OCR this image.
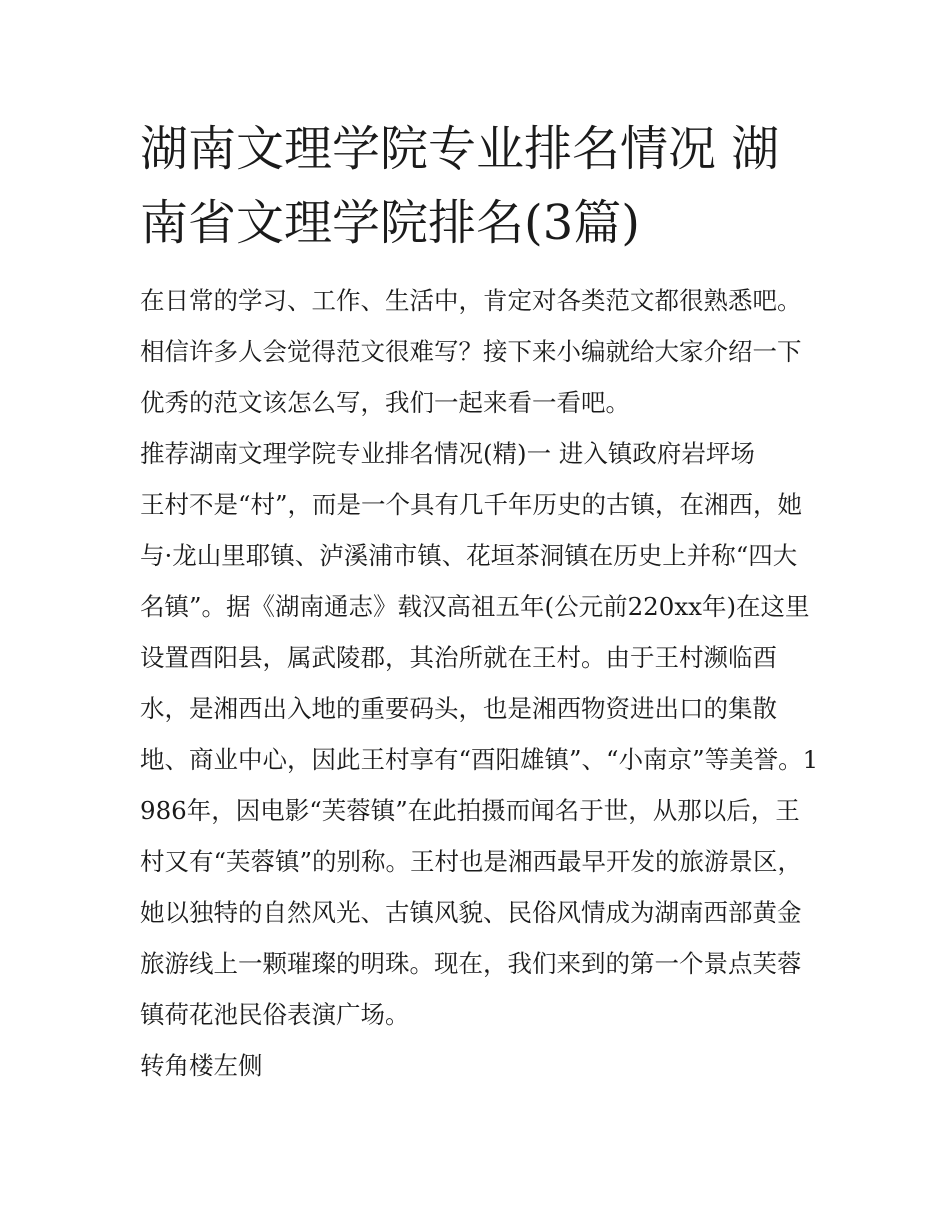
湖南文理学院专业排名情况 湖南省文理学院排名(3篇)

在日常的学习、工作、生活中，肯定对各类范文都很熟悉吧。相信许多人会觉得范文很难写？接下来小编就给大家介绍一下优秀的范文该怎么写，我们一起来看一看吧。

推荐湖南文理学院专业排名情况(精)一 进入镇政府岩坪场

王村不是“村”，而是一个具有几千年历史的古镇，在湘西，她与·龙山里耶镇、泸溪浦市镇、花垣茶洞镇在历史上并称“四大名镇”。据《湖南通志》载汉高祖五年(公元前220xx年)在这里设置酉阳县，属武陵郡，其治所就在王村。由于王村濒临酉水，是湘西出入地的重要码头，也是湘西物资进出口的集散地、商业中心，因此王村享有“酉阳雄镇”、“小南京”等美誉。1986年，因电影“芙蓉镇”在此拍摄而闻名于世，从那以后，王村又有“芙蓉镇”的别称。王村也是湘西最早开发的旅游景区，她以独特的自然风光、古镇风貌、民俗风情成为湖南西部黄金旅游线上一颗璀璨的明珠。现在，我们来到的第一个景点芙蓉镇荷花池民俗表演广场。

转角楼左侧
